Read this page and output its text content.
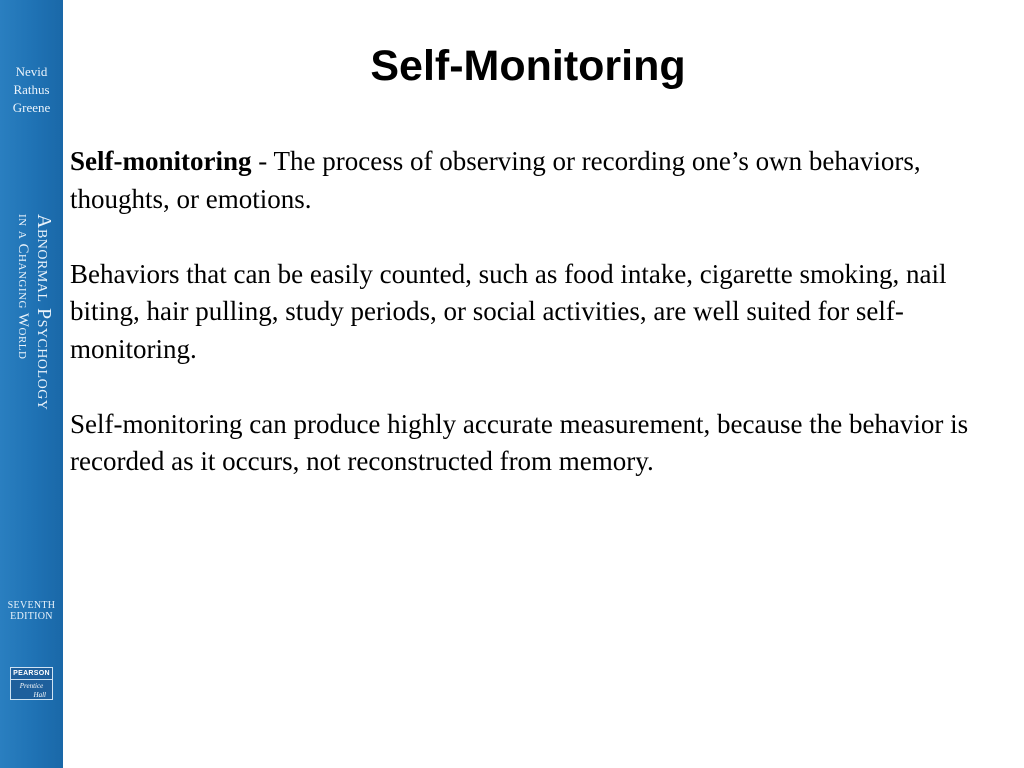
Nevid
Rathus
Greene
Abnormal Psychology
in a Changing World
SEVENTH
EDITION
PEARSON
Prentice
Hall
Self-Monitoring

Self-monitoring - The process of observing or recording one’s own behaviors, thoughts, or emotions.

Behaviors that can be easily counted, such as food intake, cigarette smoking, nail biting, hair pulling, study periods, or social activities, are well suited for self-monitoring.

Self-monitoring can produce highly accurate measurement, because the behavior is recorded as it occurs, not reconstructed from memory.
